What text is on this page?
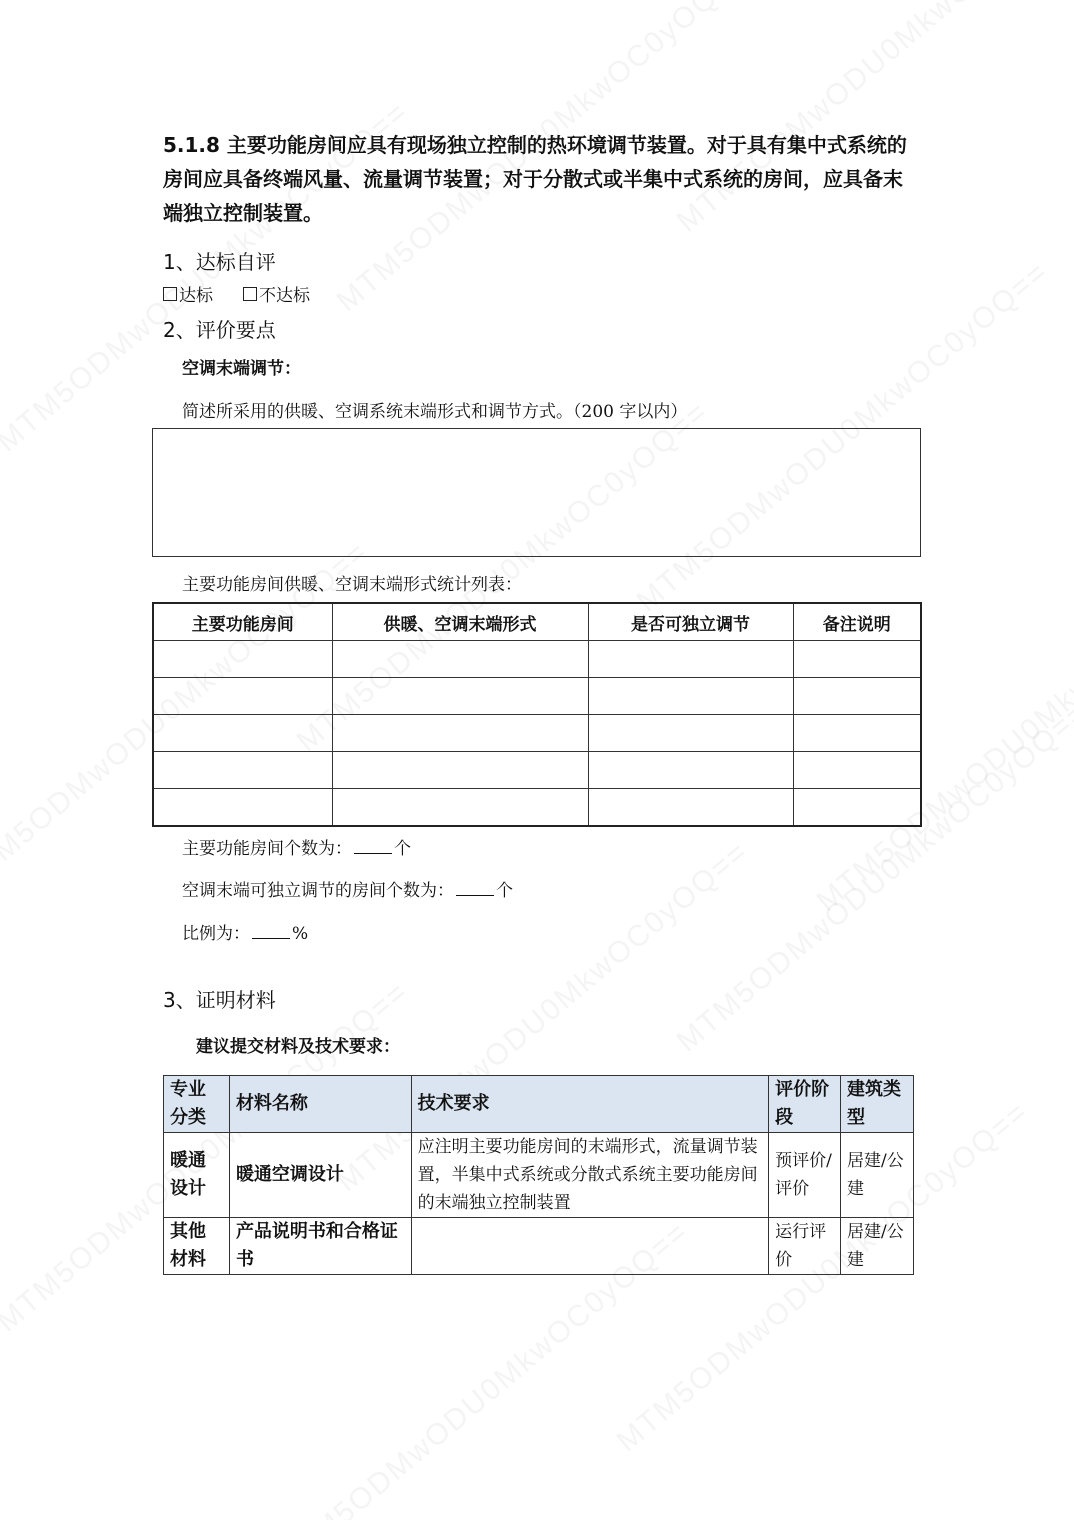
5.1.8 主要功能房间应具有现场独立控制的热环境调节装置。对于具有集中式系统的房间应具备终端风量、流量调节装置；对于分散式或半集中式系统的房间，应具备末端独立控制装置。
1、达标自评
达标	不达标
2、评价要点
空调末端调节：
简述所采用的供暖、空调系统末端形式和调节方式。（200 字以内）
主要功能房间供暖、空调末端形式统计列表：
主要功能房间	供暖、空调末端形式	是否可独立调节	备注说明

主要功能房间个数为： 个
空调末端可独立调节的房间个数为： 个
比例为： %
3、证明材料
建议提交材料及技术要求：
专业分类	材料名称	技术要求	评价阶段	建筑类型
暖通设计	暖通空调设计	应注明主要功能房间的末端形式，流量调节装置，半集中式系统或分散式系统主要功能房间的末端独立控制装置	预评价/评价	居建/公建
其他材料	产品说明书和合格证书		运行评价	居建/公建
